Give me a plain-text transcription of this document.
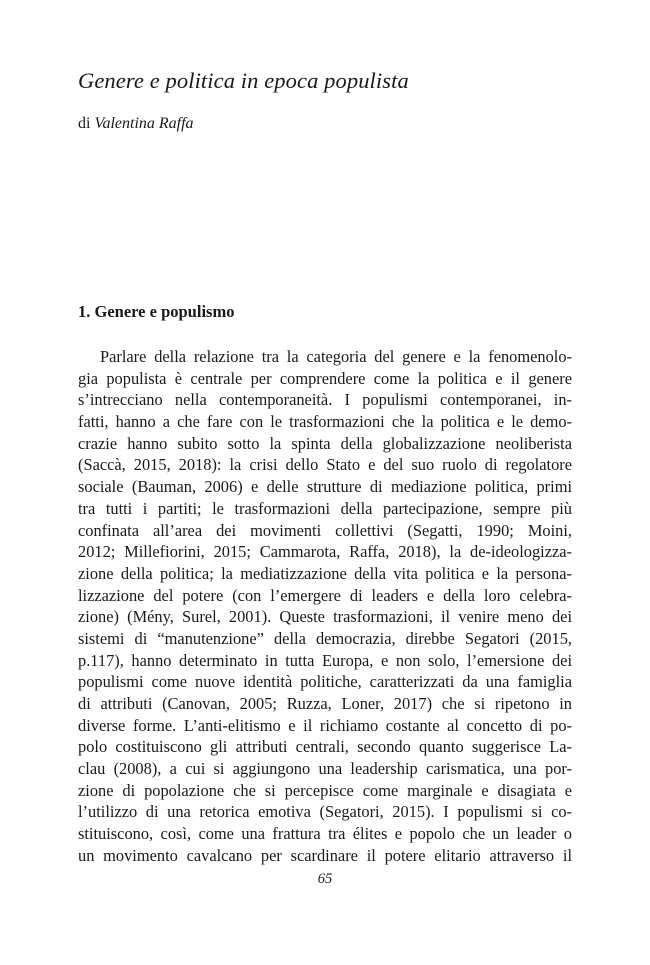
Genere e politica in epoca populista
di Valentina Raffa
1. Genere e populismo
Parlare della relazione tra la categoria del genere e la fenomenolo-
gia populista è centrale per comprendere come la politica e il genere
s’intrecciano nella contemporaneità. I populismi contemporanei, in-
fatti, hanno a che fare con le trasformazioni che la politica e le demo-
crazie hanno subito sotto la spinta della globalizzazione neoliberista
(Saccà, 2015, 2018): la crisi dello Stato e del suo ruolo di regolatore
sociale (Bauman, 2006) e delle strutture di mediazione politica, primi
tra tutti i partiti; le trasformazioni della partecipazione, sempre più
confinata all’area dei movimenti collettivi (Segatti, 1990; Moini,
2012; Millefiorini, 2015; Cammarota, Raffa, 2018), la de-ideologizza-
zione della politica; la mediatizzazione della vita politica e la persona-
lizzazione del potere (con l’emergere di leaders e della loro celebra-
zione) (Mény, Surel, 2001). Queste trasformazioni, il venire meno dei
sistemi di “manutenzione” della democrazia, direbbe Segatori (2015,
p.117), hanno determinato in tutta Europa, e non solo, l’emersione dei
populismi come nuove identità politiche, caratterizzati da una famiglia
di attributi (Canovan, 2005; Ruzza, Loner, 2017) che si ripetono in
diverse forme. L’anti-elitismo e il richiamo costante al concetto di po-
polo costituiscono gli attributi centrali, secondo quanto suggerisce La-
clau (2008), a cui si aggiungono una leadership carismatica, una por-
zione di popolazione che si percepisce come marginale e disagiata e
l’utilizzo di una retorica emotiva (Segatori, 2015). I populismi si co-
stituiscono, così, come una frattura tra élites e popolo che un leader o
un movimento cavalcano per scardinare il potere elitario attraverso il
65
